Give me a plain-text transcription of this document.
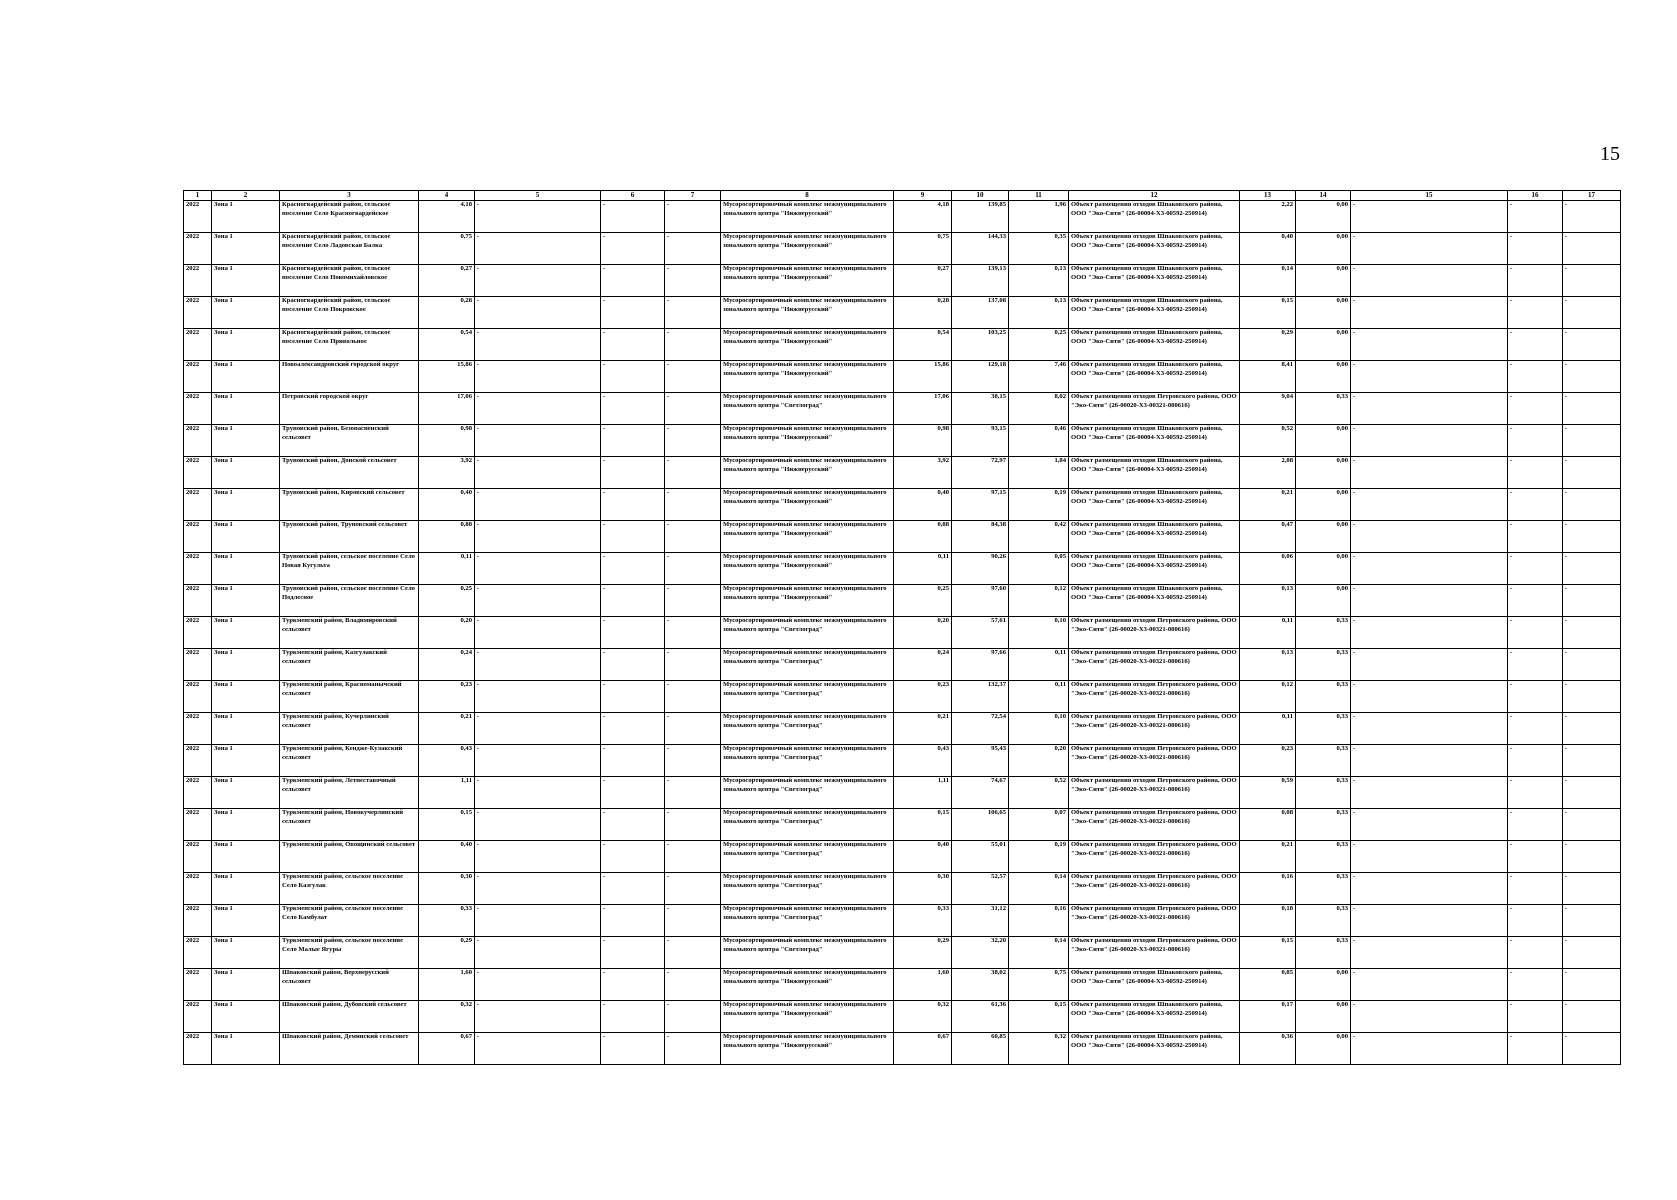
15
1	2	3	4	5	6	7	8	9	10	11	12	13	14	15	16	17
2022	Зона 1	Красногвардейский район, сельское поселение Село Красногвардейское	4,18	-	-	-	Мусоросортировочный комплекс межмуниципального зонального центра "Нижнерусский"	4,18	139,85	1,96	Объект размещения отходов Шпаковского района, ООО "Эко-Сити" (26-00004-Х3-00592-250914)	2,22	0,00	-	-	-
2022	Зона 1	Красногвардейский район, сельское поселение Село Ладовская Балка	0,75	-	-	-	Мусоросортировочный комплекс межмуниципального зонального центра "Нижнерусский"	0,75	144,33	0,35	Объект размещения отходов Шпаковского района, ООО "Эко-Сити" (26-00004-Х3-00592-250914)	0,40	0,00	-	-	-
2022	Зона 1	Красногвардейский район, сельское поселение Село Новомихайловское	0,27	-	-	-	Мусоросортировочный комплекс межмуниципального зонального центра "Нижнерусский"	0,27	139,13	0,13	Объект размещения отходов Шпаковского района, ООО "Эко-Сити" (26-00004-Х3-00592-250914)	0,14	0,00	-	-	-
2022	Зона 1	Красногвардейский район, сельское поселение Село Покровское	0,28	-	-	-	Мусоросортировочный комплекс межмуниципального зонального центра "Нижнерусский"	0,28	137,08	0,13	Объект размещения отходов Шпаковского района, ООО "Эко-Сити" (26-00004-Х3-00592-250914)	0,15	0,00	-	-	-
2022	Зона 1	Красногвардейский район, сельское поселение Село Привольное	0,54	-	-	-	Мусоросортировочный комплекс межмуниципального зонального центра "Нижнерусский"	0,54	103,25	0,25	Объект размещения отходов Шпаковского района, ООО "Эко-Сити" (26-00004-Х3-00592-250914)	0,29	0,00	-	-	-
2022	Зона 1	Новоалександровский городской округ	15,86	-	-	-	Мусоросортировочный комплекс межмуниципального зонального центра "Нижнерусский"	15,86	129,18	7,46	Объект размещения отходов Шпаковского района, ООО "Эко-Сити" (26-00004-Х3-00592-250914)	8,41	0,00	-	-	-
2022	Зона 1	Петровский городской округ	17,06	-	-	-	Мусоросортировочный комплекс межмуниципального зонального центра "Светлоград"	17,06	38,15	8,02	Объект размещения отходов Петровского района, ООО "Эко-Сити" (26-00020-Х3-00321-080616)	9,04	0,33	-	-	-
2022	Зона 1	Труновский район, Безопасненский сельсовет	0,98	-	-	-	Мусоросортировочный комплекс межмуниципального зонального центра "Нижнерусский"	0,98	93,15	0,46	Объект размещения отходов Шпаковского района, ООО "Эко-Сити" (26-00004-Х3-00592-250914)	0,52	0,00	-	-	-
2022	Зона 1	Труновский район, Донской сельсовет	3,92	-	-	-	Мусоросортировочный комплекс межмуниципального зонального центра "Нижнерусский"	3,92	72,97	1,84	Объект размещения отходов Шпаковского района, ООО "Эко-Сити" (26-00004-Х3-00592-250914)	2,08	0,00	-	-	-
2022	Зона 1	Труновский район, Кировский сельсовет	0,40	-	-	-	Мусоросортировочный комплекс межмуниципального зонального центра "Нижнерусский"	0,40	97,15	0,19	Объект размещения отходов Шпаковского района, ООО "Эко-Сити" (26-00004-Х3-00592-250914)	0,21	0,00	-	-	-
2022	Зона 1	Труновский район, Труновский сельсовет	0,88	-	-	-	Мусоросортировочный комплекс межмуниципального зонального центра "Нижнерусский"	0,88	84,38	0,42	Объект размещения отходов Шпаковского района, ООО "Эко-Сити" (26-00004-Х3-00592-250914)	0,47	0,00	-	-	-
2022	Зона 1	Труновский район, сельское поселение Село Новая Кугульта	0,11	-	-	-	Мусоросортировочный комплекс межмуниципального зонального центра "Нижнерусский"	0,11	90,26	0,05	Объект размещения отходов Шпаковского района, ООО "Эко-Сити" (26-00004-Х3-00592-250914)	0,06	0,00	-	-	-
2022	Зона 1	Труновский район, сельское поселение Село Подлесное	0,25	-	-	-	Мусоросортировочный комплекс межмуниципального зонального центра "Нижнерусский"	0,25	97,60	0,12	Объект размещения отходов Шпаковского района, ООО "Эко-Сити" (26-00004-Х3-00592-250914)	0,13	0,00	-	-	-
2022	Зона 1	Туркменский район, Владимировский сельсовет	0,20	-	-	-	Мусоросортировочный комплекс межмуниципального зонального центра "Светлоград"	0,20	57,61	0,10	Объект размещения отходов Петровского района, ООО "Эко-Сити" (26-00020-Х3-00321-080616)	0,11	0,33	-	-	-
2022	Зона 1	Туркменский район, Казгулакский сельсовет	0,24	-	-	-	Мусоросортировочный комплекс межмуниципального зонального центра "Светлоград"	0,24	97,66	0,11	Объект размещения отходов Петровского района, ООО "Эко-Сити" (26-00020-Х3-00321-080616)	0,13	0,33	-	-	-
2022	Зона 1	Туркменский район, Красноманычский сельсовет	0,23	-	-	-	Мусоросортировочный комплекс межмуниципального зонального центра "Светлоград"	0,23	132,37	0,11	Объект размещения отходов Петровского района, ООО "Эко-Сити" (26-00020-Х3-00321-080616)	0,12	0,33	-	-	-
2022	Зона 1	Туркменский район, Кучерлинский сельсовет	0,21	-	-	-	Мусоросортировочный комплекс межмуниципального зонального центра "Светлоград"	0,21	72,54	0,10	Объект размещения отходов Петровского района, ООО "Эко-Сити" (26-00020-Х3-00321-080616)	0,11	0,33	-	-	-
2022	Зона 1	Туркменский район, Кендже-Кулакский сельсовет	0,43	-	-	-	Мусоросортировочный комплекс межмуниципального зонального центра "Светлоград"	0,43	95,43	0,20	Объект размещения отходов Петровского района, ООО "Эко-Сити" (26-00020-Х3-00321-080616)	0,23	0,33	-	-	-
2022	Зона 1	Туркменский район, Летнеставочный сельсовет	1,11	-	-	-	Мусоросортировочный комплекс межмуниципального зонального центра "Светлоград"	1,11	74,67	0,52	Объект размещения отходов Петровского района, ООО "Эко-Сити" (26-00020-Х3-00321-080616)	0,59	0,33	-	-	-
2022	Зона 1	Туркменский район, Новокучерлинский сельсовет	0,15	-	-	-	Мусоросортировочный комплекс межмуниципального зонального центра "Светлоград"	0,15	106,65	0,07	Объект размещения отходов Петровского района, ООО "Эко-Сити" (26-00020-Х3-00321-080616)	0,08	0,33	-	-	-
2022	Зона 1	Туркменский район, Овощинский сельсовет	0,40	-	-	-	Мусоросортировочный комплекс межмуниципального зонального центра "Светлоград"	0,40	55,01	0,19	Объект размещения отходов Петровского района, ООО "Эко-Сити" (26-00020-Х3-00321-080616)	0,21	0,33	-	-	-
2022	Зона 1	Туркменский район, сельское поселение Село Казгулак	0,30	-	-	-	Мусоросортировочный комплекс межмуниципального зонального центра "Светлоград"	0,30	52,57	0,14	Объект размещения отходов Петровского района, ООО "Эко-Сити" (26-00020-Х3-00321-080616)	0,16	0,33	-	-	-
2022	Зона 1	Туркменский район, сельское поселение Село Камбулат	0,33	-	-	-	Мусоросортировочный комплекс межмуниципального зонального центра "Светлоград"	0,33	31,12	0,16	Объект размещения отходов Петровского района, ООО "Эко-Сити" (26-00020-Х3-00321-080616)	0,18	0,33	-	-	-
2022	Зона 1	Туркменский район, сельское поселение Село Малые Ягуры	0,29	-	-	-	Мусоросортировочный комплекс межмуниципального зонального центра "Светлоград"	0,29	32,20	0,14	Объект размещения отходов Петровского района, ООО "Эко-Сити" (26-00020-Х3-00321-080616)	0,15	0,33	-	-	-
2022	Зона 1	Шпаковский район, Верхнерусский сельсовет	1,60	-	-	-	Мусоросортировочный комплекс межмуниципального зонального центра "Нижнерусский"	1,60	38,02	0,75	Объект размещения отходов Шпаковского района, ООО "Эко-Сити" (26-00004-Х3-00592-250914)	0,85	0,00	-	-	-
2022	Зона 1	Шпаковский район, Дубовский сельсовет	0,32	-	-	-	Мусоросортировочный комплекс межмуниципального зонального центра "Нижнерусский"	0,32	61,36	0,15	Объект размещения отходов Шпаковского района, ООО "Эко-Сити" (26-00004-Х3-00592-250914)	0,17	0,00	-	-	-
2022	Зона 1	Шпаковский район, Деминский сельсовет	0,67	-	-	-	Мусоросортировочный комплекс межмуниципального зонального центра "Нижнерусский"	0,67	60,85	0,32	Объект размещения отходов Шпаковского района, ООО "Эко-Сити" (26-00004-Х3-00592-250914)	0,36	0,00	-	-	-
